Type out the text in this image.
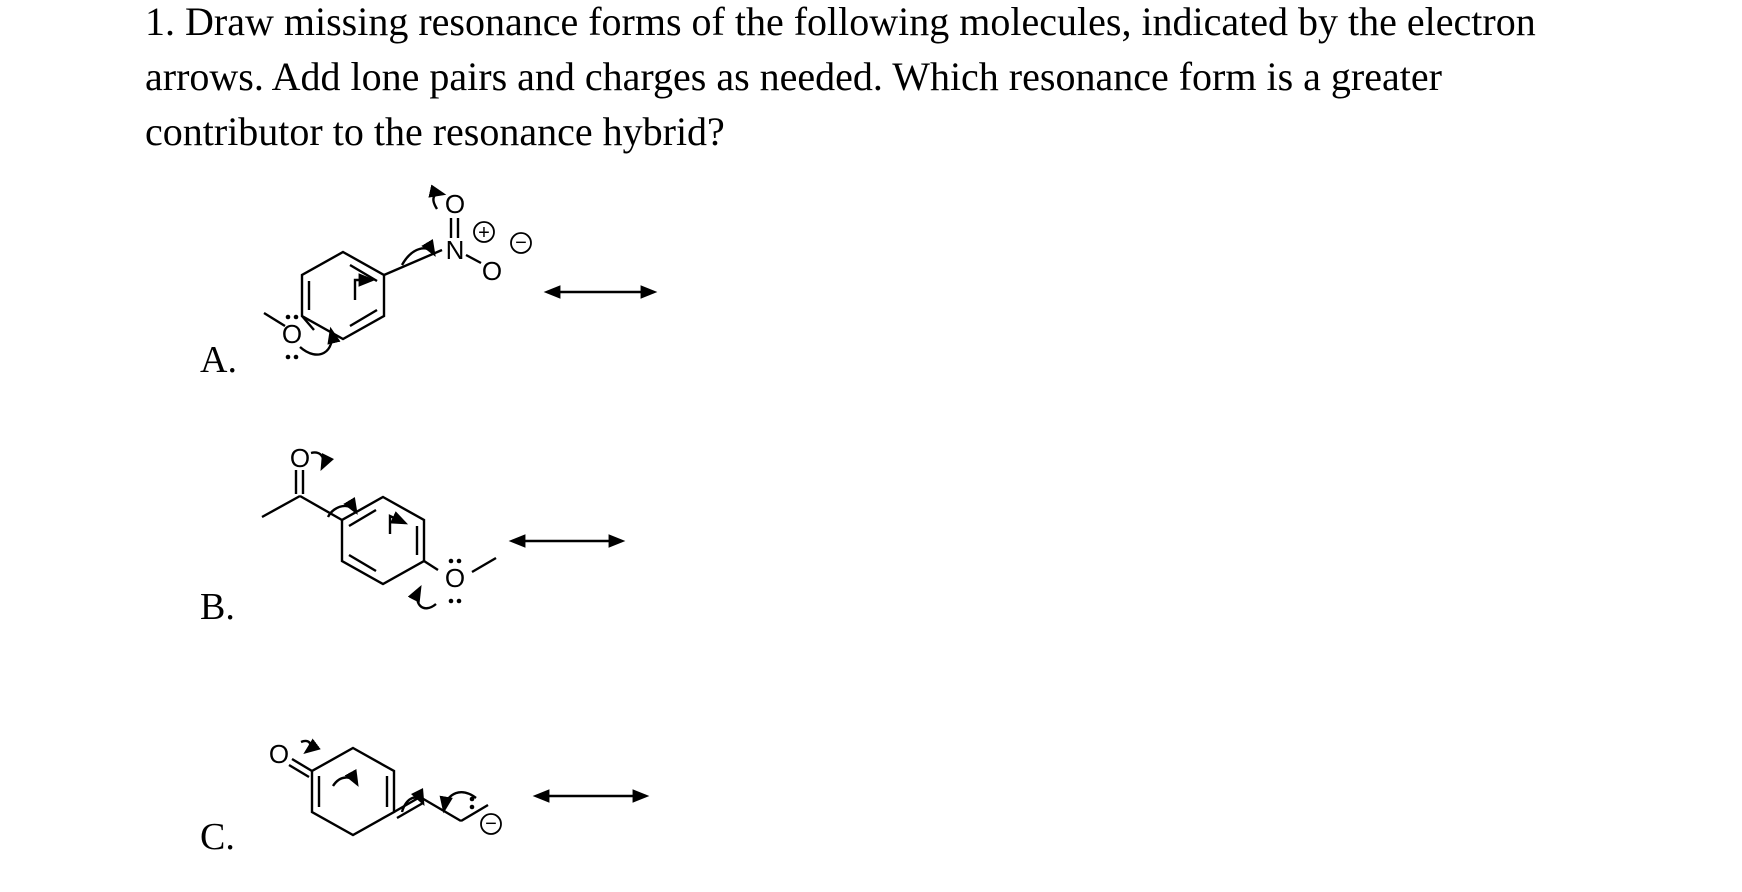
1. Draw missing resonance forms of the following molecules, indicated by the electron arrows. Add lone pairs and charges as needed. Which resonance form is a greater contributor to the resonance hybrid?
A.
B.
C.
O
N
O
O
+ −
O
O
O
−
